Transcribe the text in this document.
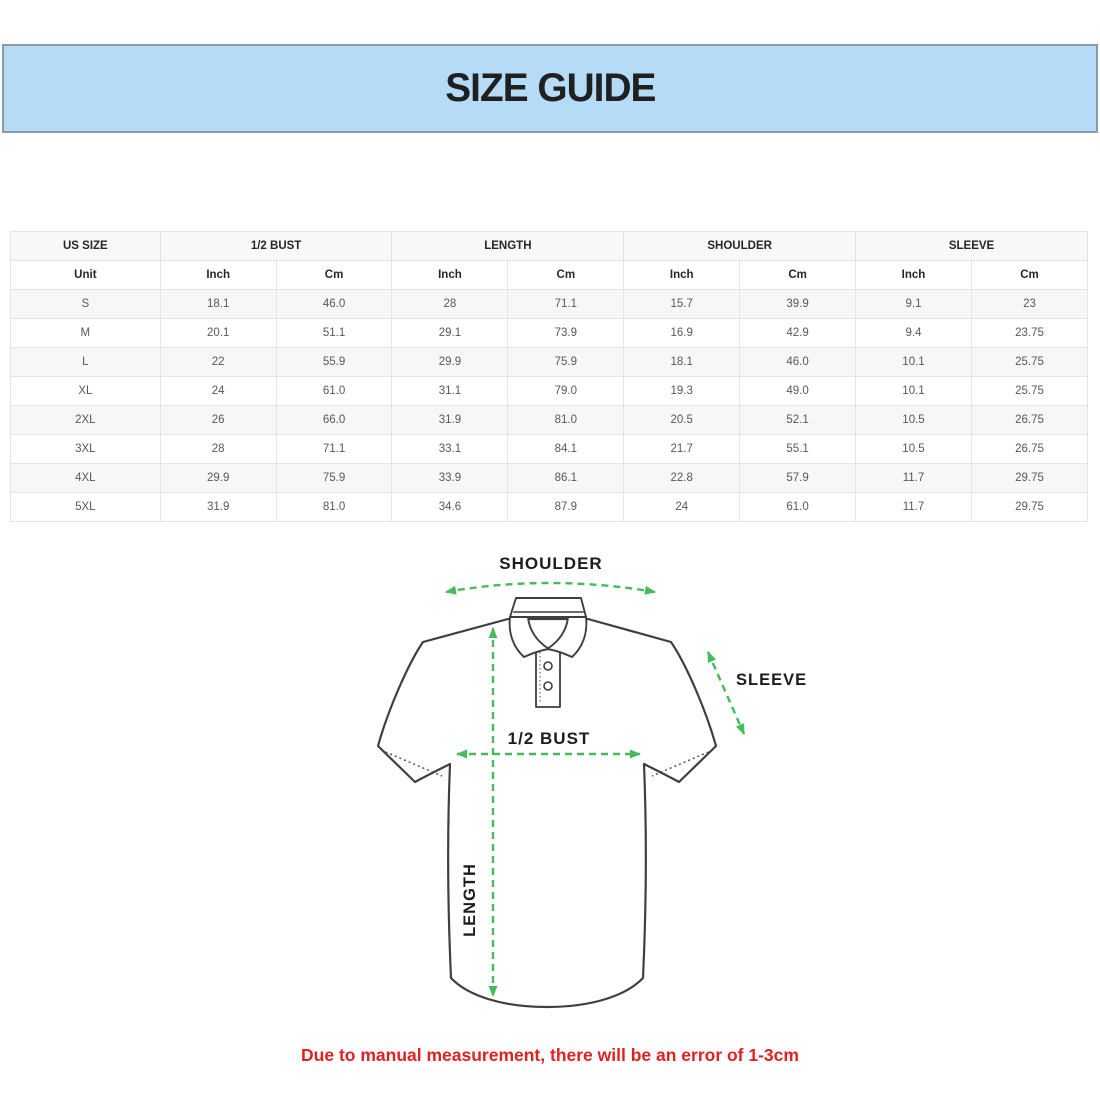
SIZE GUIDE
US SIZE	1/2 BUST		LENGTH		SHOULDER		SLEEVE	
Unit	Inch	Cm	Inch	Cm	Inch	Cm	Inch	Cm
S	18.1	46.0	28	71.1	15.7	39.9	9.1	23
M	20.1	51.1	29.1	73.9	16.9	42.9	9.4	23.75
L	22	55.9	29.9	75.9	18.1	46.0	10.1	25.75
XL	24	61.0	31.1	79.0	19.3	49.0	10.1	25.75
2XL	26	66.0	31.9	81.0	20.5	52.1	10.5	26.75
3XL	28	71.1	33.1	84.1	21.7	55.1	10.5	26.75
4XL	29.9	75.9	33.9	86.1	22.8	57.9	11.7	29.75
5XL	31.9	81.0	34.6	87.9	24	61.0	11.7	29.75
SHOULDER
SLEEVE
1/2 BUST
LENGTH
Due to manual measurement, there will be an error of 1-3cm
